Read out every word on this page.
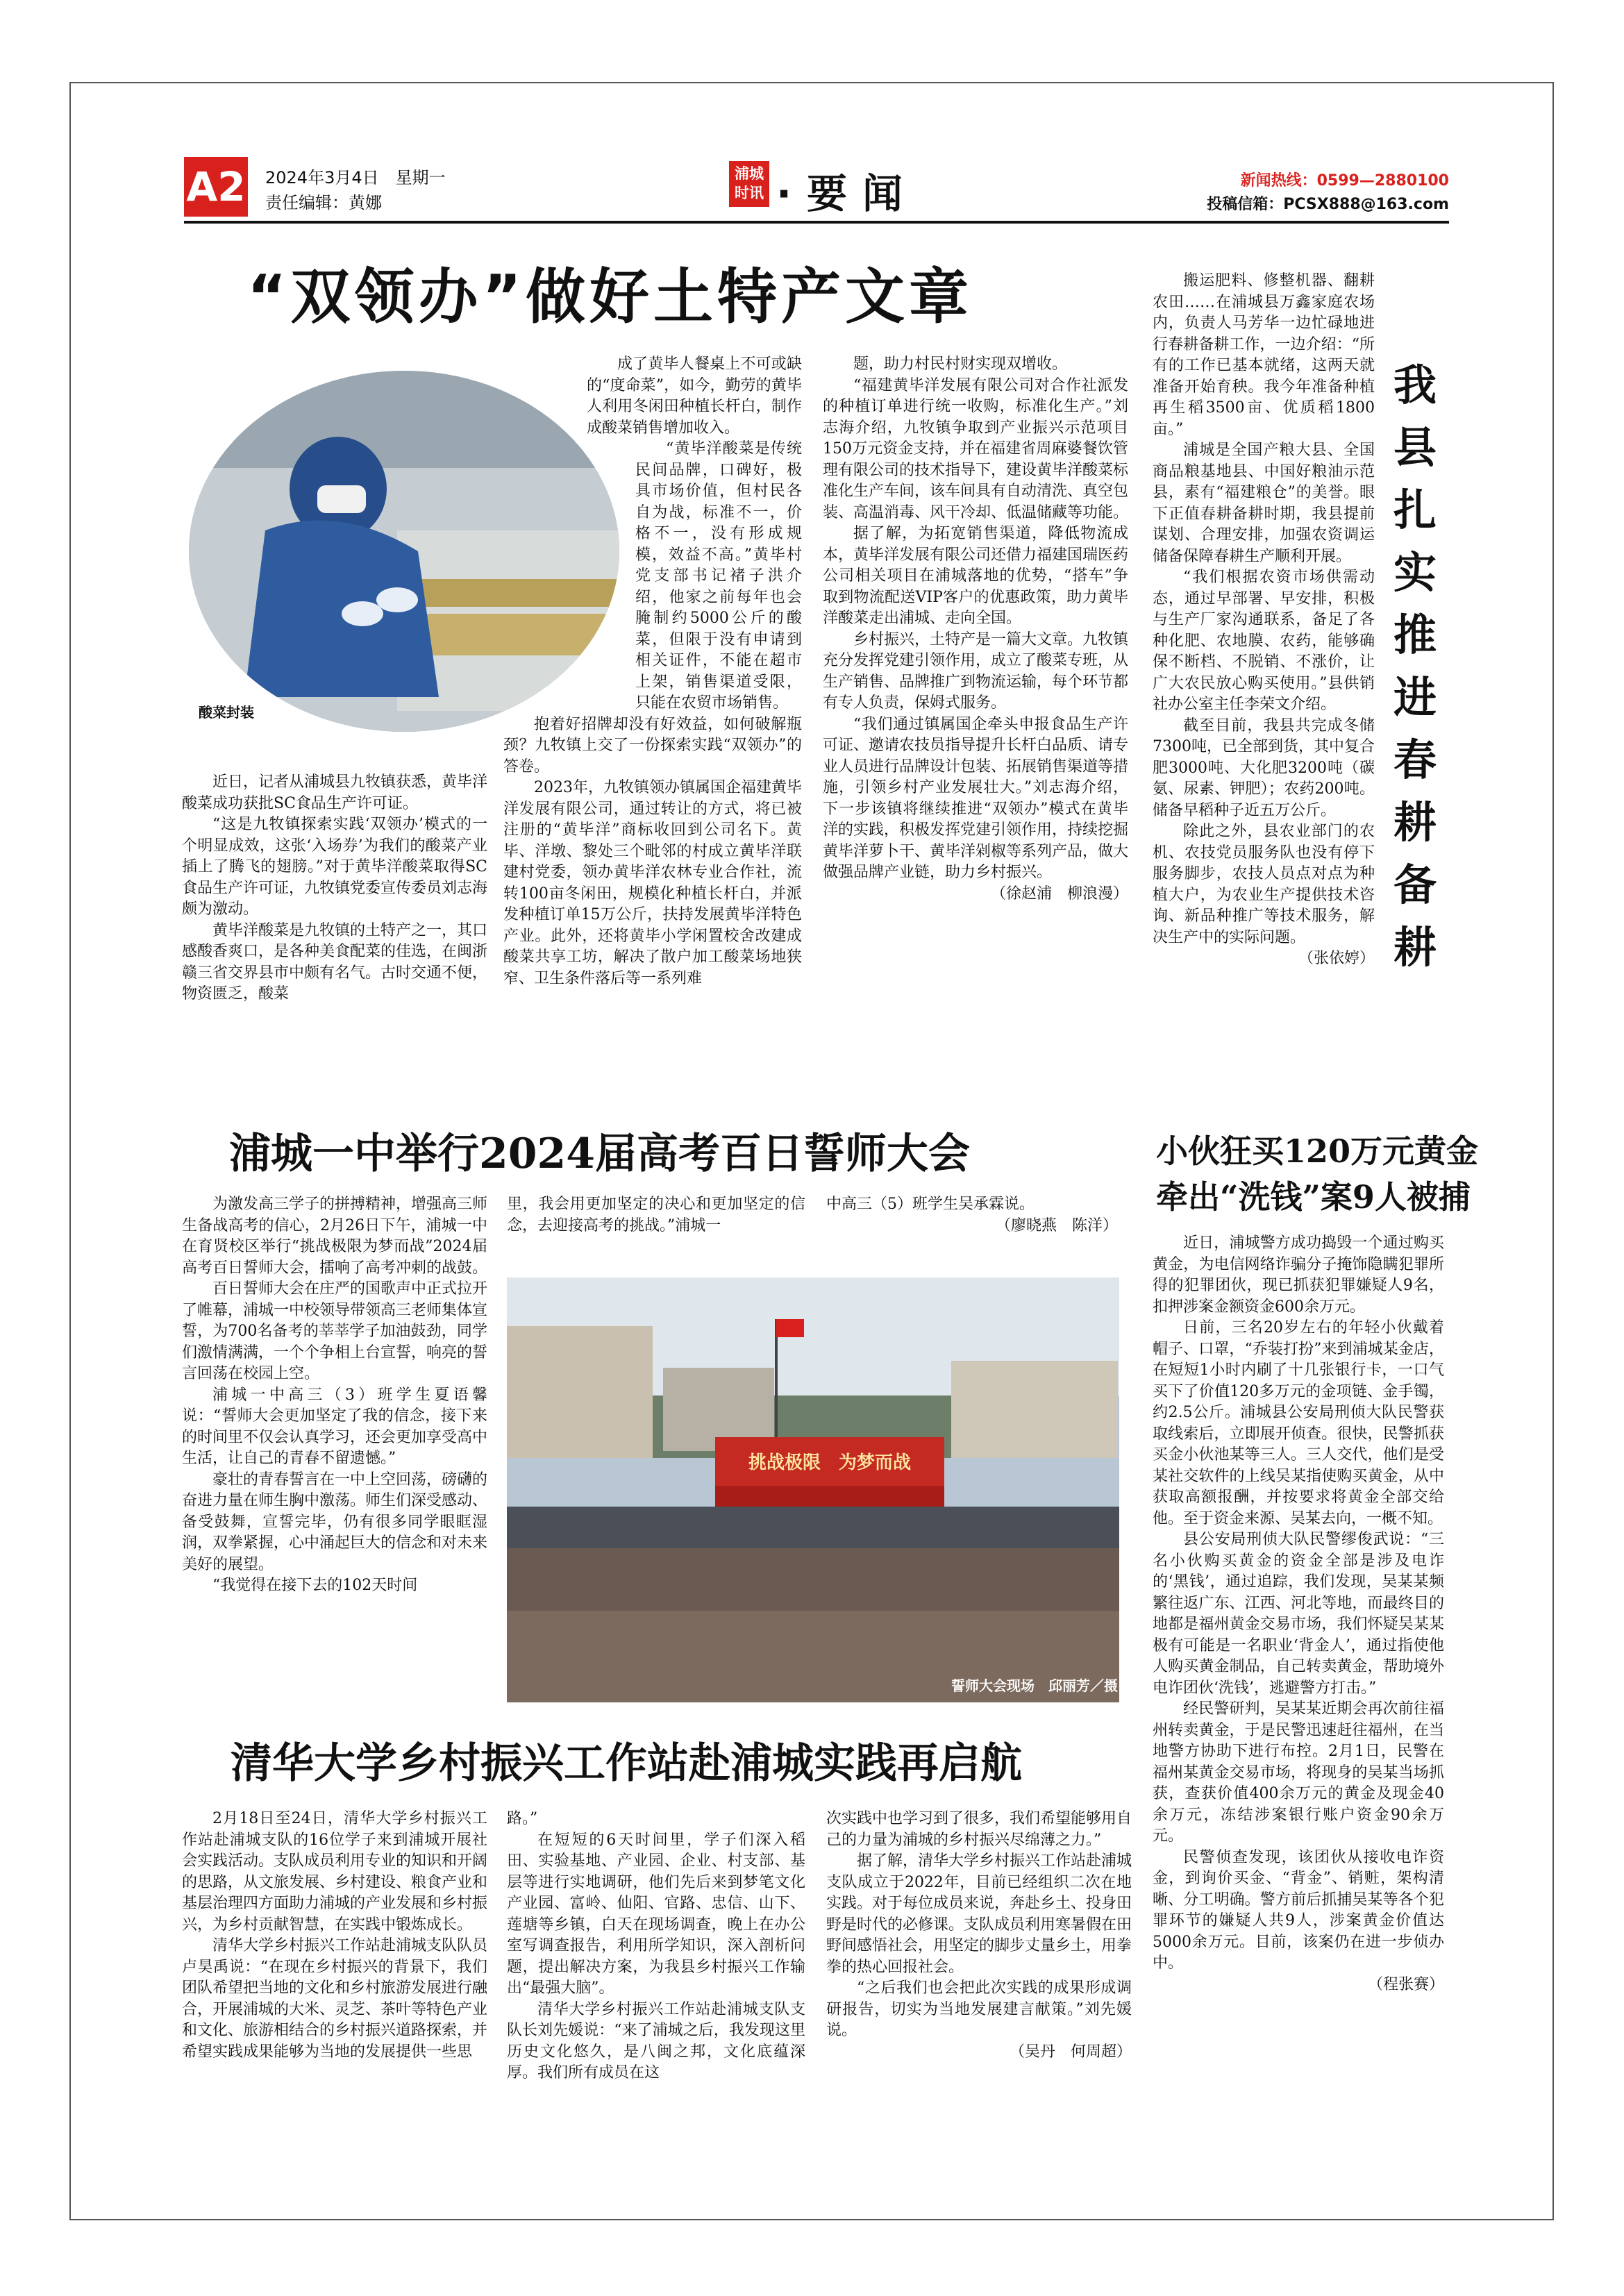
A2 2024年3月4日　星期一
责任编辑：黄娜
浦城
时讯 ·要闻	新闻热线：0599—2880100
投稿信箱：PCSX888@163.com
“双领办”做好土特产文章
酸菜封装

近日，记者从浦城县九牧镇获悉，黄毕洋酸菜成功获批SC食品生产许可证。

“这是九牧镇探索实践‘双领办’模式的一个明显成效，这张‘入场券’为我们的酸菜产业插上了腾飞的翅膀。”对于黄毕洋酸菜取得SC食品生产许可证，九牧镇党委宣传委员刘志海颇为激动。

黄毕洋酸菜是九牧镇的土特产之一，其口感酸香爽口，是各种美食配菜的佳选，在闽浙赣三省交界县市中颇有名气。古时交通不便，物资匮乏，酸菜

成了黄毕人餐桌上不可或缺的“度命菜”，如今，勤劳的黄毕人利用冬闲田种植长杆白，制作成酸菜销售增加收入。

“黄毕洋酸菜是传统民间品牌，口碑好，极具市场价值，但村民各自为战，标准不一，价格不一，没有形成规模，效益不高。”黄毕村党支部书记褚子洪介绍，他家之前每年也会腌制约5000公斤的酸菜，但限于没有申请到相关证件，不能在超市上架，销售渠道受限，只能在农贸市场销售。

抱着好招牌却没有好效益，如何破解瓶颈？九牧镇上交了一份探索实践“双领办”的答卷。

2023年，九牧镇领办镇属国企福建黄毕洋发展有限公司，通过转让的方式，将已被注册的“黄毕洋”商标收回到公司名下。黄毕、洋墩、黎处三个毗邻的村成立黄毕洋联建村党委，领办黄毕洋农林专业合作社，流转100亩冬闲田，规模化种植长杆白，并派发种植订单15万公斤，扶持发展黄毕洋特色产业。此外，还将黄毕小学闲置校舍改建成酸菜共享工坊，解决了散户加工酸菜场地狭窄、卫生条件落后等一系列难

题，助力村民村财实现双增收。

“福建黄毕洋发展有限公司对合作社派发的种植订单进行统一收购，标准化生产。”刘志海介绍，九牧镇争取到产业振兴示范项目150万元资金支持，并在福建省周麻婆餐饮管理有限公司的技术指导下，建设黄毕洋酸菜标准化生产车间，该车间具有自动清洗、真空包装、高温消毒、风干冷却、低温储藏等功能。

据了解，为拓宽销售渠道，降低物流成本，黄毕洋发展有限公司还借力福建国瑞医药公司相关项目在浦城落地的优势，“搭车”争取到物流配送VIP客户的优惠政策，助力黄毕洋酸菜走出浦城、走向全国。

乡村振兴，土特产是一篇大文章。九牧镇充分发挥党建引领作用，成立了酸菜专班，从生产销售、品牌推广到物流运输，每个环节都有专人负责，保姆式服务。

“我们通过镇属国企牵头申报食品生产许可证、邀请农技员指导提升长杆白品质、请专业人员进行品牌设计包装、拓展销售渠道等措施，引领乡村产业发展壮大。”刘志海介绍，下一步该镇将继续推进“双领办”模式在黄毕洋的实践，积极发挥党建引领作用，持续挖掘黄毕洋萝卜干、黄毕洋剁椒等系列产品，做大做强品牌产业链，助力乡村振兴。

（徐赵浦　柳浪漫）

搬运肥料、修整机器、翻耕农田……在浦城县万鑫家庭农场内，负责人马芳华一边忙碌地进行春耕备耕工作，一边介绍：“所有的工作已基本就绪，这两天就准备开始育秧。我今年准备种植再生稻3500亩、优质稻1800亩。”

浦城是全国产粮大县、全国商品粮基地县、中国好粮油示范县，素有“福建粮仓”的美誉。眼下正值春耕备耕时期，我县提前谋划、合理安排，加强农资调运储备保障春耕生产顺利开展。

“我们根据农资市场供需动态，通过早部署、早安排，积极与生产厂家沟通联系，备足了各种化肥、农地膜、农药，能够确保不断档、不脱销、不涨价，让广大农民放心购买使用。”县供销社办公室主任李荣文介绍。

截至目前，我县共完成冬储7300吨，已全部到货，其中复合肥3000吨、大化肥3200吨（碳氨、尿素、钾肥）；农药200吨。储备早稻种子近五万公斤。

除此之外，县农业部门的农机、农技党员服务队也没有停下服务脚步，农技人员点对点为种植大户，为农业生产提供技术咨询、新品种推广等技术服务，解决生产中的实际问题。

（张依婷）

我
县
扎
实
推
进
春
耕
备
耕
浦城一中举行2024届高考百日誓师大会

为激发高三学子的拼搏精神，增强高三师生备战高考的信心，2月26日下午，浦城一中在育贤校区举行“挑战极限为梦而战”2024届高考百日誓师大会，擂响了高考冲刺的战鼓。

百日誓师大会在庄严的国歌声中正式拉开了帷幕，浦城一中校领导带领高三老师集体宣誓，为700名备考的莘莘学子加油鼓劲，同学们激情满满，一个个争相上台宣誓，响亮的誓言回荡在校园上空。

浦城一中高三（3）班学生夏语馨说：“誓师大会更加坚定了我的信念，接下来的时间里不仅会认真学习，还会更加享受高中生活，让自己的青春不留遗憾。”

豪壮的青春誓言在一中上空回荡，磅礴的奋进力量在师生胸中激荡。师生们深受感动、备受鼓舞，宣誓完毕，仍有很多同学眼眶湿润，双拳紧握，心中涌起巨大的信念和对未来美好的展望。

“我觉得在接下去的102天时间

里，我会用更加坚定的决心和更加坚定的信念，去迎接高考的挑战。”浦城一

中高三（5）班学生吴承霖说。

（廖晓燕　陈洋）

挑战极限　为梦而战
誓师大会现场　邱丽芳／摄
小伙狂买120万元黄金
牵出“洗钱”案9人被捕

近日，浦城警方成功捣毁一个通过购买黄金，为电信网络诈骗分子掩饰隐瞒犯罪所得的犯罪团伙，现已抓获犯罪嫌疑人9名，扣押涉案金额资金600余万元。

日前，三名20岁左右的年轻小伙戴着帽子、口罩，“乔装打扮”来到浦城某金店，在短短1小时内刷了十几张银行卡，一口气买下了价值120多万元的金项链、金手镯，约2.5公斤。浦城县公安局刑侦大队民警获取线索后，立即展开侦查。很快，民警抓获买金小伙池某等三人。三人交代，他们是受某社交软件的上线吴某指使购买黄金，从中获取高额报酬，并按要求将黄金全部交给他。至于资金来源、吴某去向，一概不知。

县公安局刑侦大队民警缪俊武说：“三名小伙购买黄金的资金全部是涉及电诈的‘黑钱’，通过追踪，我们发现，吴某某频繁往返广东、江西、河北等地，而最终目的地都是福州黄金交易市场，我们怀疑吴某某极有可能是一名职业‘背金人’，通过指使他人购买黄金制品，自己转卖黄金，帮助境外电诈团伙‘洗钱’，逃避警方打击。”

经民警研判，吴某某近期会再次前往福州转卖黄金，于是民警迅速赶往福州，在当地警方协助下进行布控。2月1日，民警在福州某黄金交易市场，将现身的吴某当场抓获，查获价值400余万元的黄金及现金40余万元，冻结涉案银行账户资金90余万元。

民警侦查发现，该团伙从接收电诈资金，到询价买金、“背金”、销赃，架构清晰、分工明确。警方前后抓捕吴某等各个犯罪环节的嫌疑人共9人，涉案黄金价值达5000余万元。目前，该案仍在进一步侦办中。

（程张赛）

清华大学乡村振兴工作站赴浦城实践再启航

2月18日至24日，清华大学乡村振兴工作站赴浦城支队的16位学子来到浦城开展社会实践活动。支队成员利用专业的知识和开阔的思路，从文旅发展、乡村建设、粮食产业和基层治理四方面助力浦城的产业发展和乡村振兴，为乡村贡献智慧，在实践中锻炼成长。

清华大学乡村振兴工作站赴浦城支队队员卢昊禹说：“在现在乡村振兴的背景下，我们团队希望把当地的文化和乡村旅游发展进行融合，开展浦城的大米、灵芝、茶叶等特色产业和文化、旅游相结合的乡村振兴道路探索，并希望实践成果能够为当地的发展提供一些思

路。”

在短短的6天时间里，学子们深入稻田、实验基地、产业园、企业、村支部、基层等进行实地调研，他们先后来到梦笔文化产业园、富岭、仙阳、官路、忠信、山下、莲塘等乡镇，白天在现场调查，晚上在办公室写调查报告，利用所学知识，深入剖析问题，提出解决方案，为我县乡村振兴工作输出“最强大脑”。

清华大学乡村振兴工作站赴浦城支队支队长刘先媛说：“来了浦城之后，我发现这里历史文化悠久，是八闽之邦，文化底蕴深厚。我们所有成员在这

次实践中也学习到了很多，我们希望能够用自己的力量为浦城的乡村振兴尽绵薄之力。”

据了解，清华大学乡村振兴工作站赴浦城支队成立于2022年，目前已经组织二次在地实践。对于每位成员来说，奔赴乡土、投身田野是时代的必修课。支队成员利用寒暑假在田野间感悟社会，用坚定的脚步丈量乡土，用拳拳的热心回报社会。

“之后我们也会把此次实践的成果形成调研报告，切实为当地发展建言献策。”刘先媛说。

（吴丹　何周超）
